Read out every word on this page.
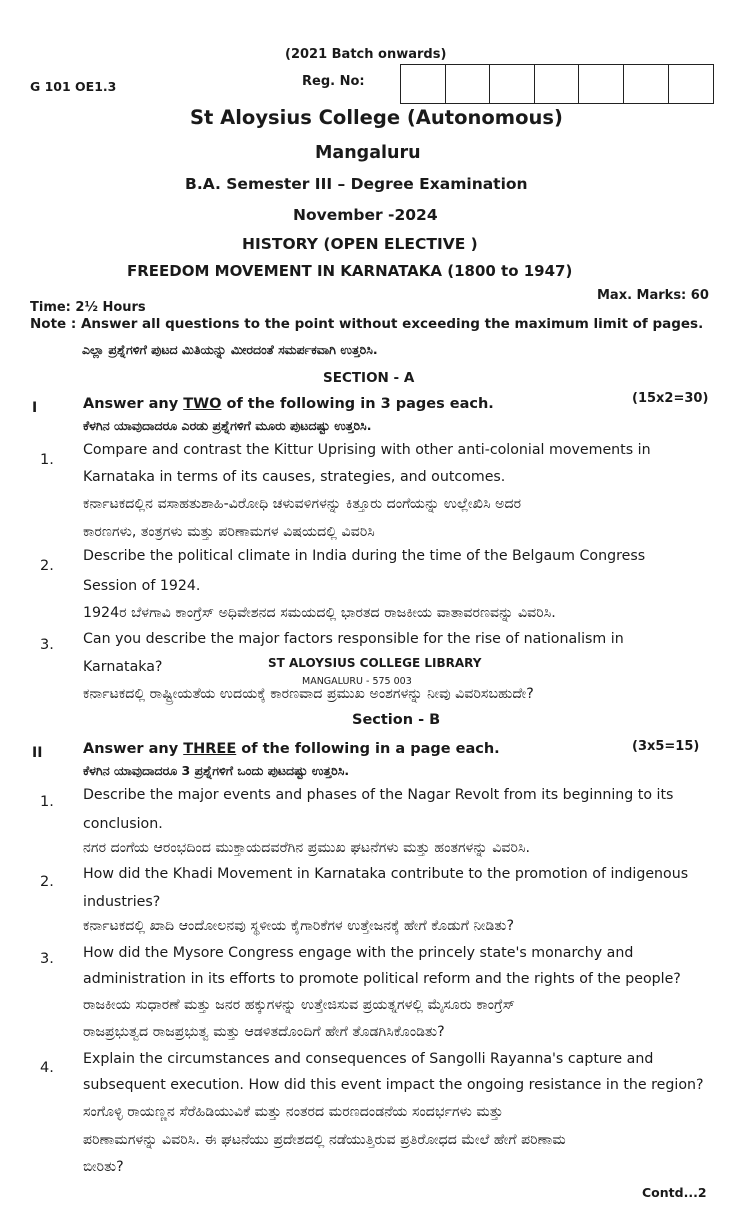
(2021 Batch onwards)
G 101 OE1.3	Reg. No:
St Aloysius College (Autonomous)
Mangaluru
B.A. Semester III – Degree Examination
November -2024
HISTORY (OPEN ELECTIVE )
FREEDOM MOVEMENT IN KARNATAKA (1800 to 1947)
Time: 2½ Hours
Max. Marks: 60
Note : Answer all questions to the point without exceeding the maximum limit of pages.
ಎಲ್ಲಾ ಪ್ರಶ್ನೆಗಳಿಗೆ ಪುಟದ ಮಿತಿಯನ್ನು ಮೀರದಂತೆ ಸಮರ್ಪಕವಾಗಿ ಉತ್ತರಿಸಿ.
SECTION - A
I	Answer any TWO of the following in 3 pages each.	(15x2=30)
ಕೆಳಗಿನ ಯಾವುದಾದರೂ ಎರಡು ಪ್ರಶ್ನೆಗಳಿಗೆ ಮೂರು ಪುಟದಷ್ಟು ಉತ್ತರಿಸಿ.
1.
Compare and contrast the Kittur Uprising with other anti-colonial movements in
Karnataka in terms of its causes, strategies, and outcomes.
ಕರ್ನಾಟಕದಲ್ಲಿನ ವಸಾಹತುಶಾಹಿ-ವಿರೋಧಿ ಚಳುವಳಿಗಳನ್ನು ಕಿತ್ತೂರು ದಂಗೆಯನ್ನು ಉಲ್ಲೇಖಿಸಿ ಅದರ
ಕಾರಣಗಳು, ತಂತ್ರಗಳು ಮತ್ತು ಪರಿಣಾಮಗಳ ವಿಷಯದಲ್ಲಿ ವಿವರಿಸಿ
2.
Describe the political climate in India during the time of the Belgaum Congress
Session of 1924.
1924ರ ಬೆಳಗಾವಿ ಕಾಂಗ್ರೆಸ್ ಅಧಿವೇಶನದ ಸಮಯದಲ್ಲಿ ಭಾರತದ ರಾಜಕೀಯ ವಾತಾವರಣವನ್ನು ವಿವರಿಸಿ.
3. Can you describe the major factors responsible for the rise of nationalism in
Karnataka?
ಕರ್ನಾಟಕದಲ್ಲಿ ರಾಷ್ಟ್ರೀಯತೆಯ ಉದಯಕ್ಕೆ ಕಾರಣವಾದ ಪ್ರಮುಖ ಅಂಶಗಳನ್ನು ನೀವು ವಿವರಿಸಬಹುದೇ?
ST ALOYSIUS COLLEGE LIBRARY
MANGALURU - 575 003
Section - B
II	Answer any THREE of the following in a page each.	(3x5=15)
ಕೆಳಗಿನ ಯಾವುದಾದರೂ 3 ಪ್ರಶ್ನೆಗಳಿಗೆ ಒಂದು ಪುಟದಷ್ಟು ಉತ್ತರಿಸಿ.
1. Describe the major events and phases of the Nagar Revolt from its beginning to its
conclusion.
ನಗರ ದಂಗೆಯ ಆರಂಭದಿಂದ ಮುಕ್ತಾಯದವರೆಗಿನ ಪ್ರಮುಖ ಘಟನೆಗಳು ಮತ್ತು ಹಂತಗಳನ್ನು ವಿವರಿಸಿ.
2. How did the Khadi Movement in Karnataka contribute to the promotion of indigenous
industries?
ಕರ್ನಾಟಕದಲ್ಲಿ ಖಾದಿ ಆಂದೋಲನವು ಸ್ಥಳೀಯ ಕೈಗಾರಿಕೆಗಳ ಉತ್ತೇಜನಕ್ಕೆ ಹೇಗೆ ಕೊಡುಗೆ ನೀಡಿತು?
3. How did the Mysore Congress engage with the princely state's monarchy and
administration in its efforts to promote political reform and the rights of the people?
ರಾಜಕೀಯ ಸುಧಾರಣೆ ಮತ್ತು ಜನರ ಹಕ್ಕುಗಳನ್ನು ಉತ್ತೇಜಿಸುವ ಪ್ರಯತ್ನಗಳಲ್ಲಿ ಮೈಸೂರು ಕಾಂಗ್ರೆಸ್
ರಾಜಪ್ರಭುತ್ವದ ರಾಜಪ್ರಭುತ್ವ ಮತ್ತು ಆಡಳಿತದೊಂದಿಗೆ ಹೇಗೆ ತೊಡಗಿಸಿಕೊಂಡಿತು?
4.
Explain the circumstances and consequences of Sangolli Rayanna's capture and
subsequent execution. How did this event impact the ongoing resistance in the region?
ಸಂಗೊಳ್ಳಿ ರಾಯಣ್ಣನ ಸೆರೆಹಿಡಿಯುವಿಕೆ ಮತ್ತು ನಂತರದ ಮರಣದಂಡನೆಯ ಸಂದರ್ಭಗಳು ಮತ್ತು
ಪರಿಣಾಮಗಳನ್ನು ವಿವರಿಸಿ. ಈ ಘಟನೆಯು ಪ್ರದೇಶದಲ್ಲಿ ನಡೆಯುತ್ತಿರುವ ಪ್ರತಿರೋಧದ ಮೇಲೆ ಹೇಗೆ ಪರಿಣಾಮ
ಬೀರಿತು?
Contd...2
